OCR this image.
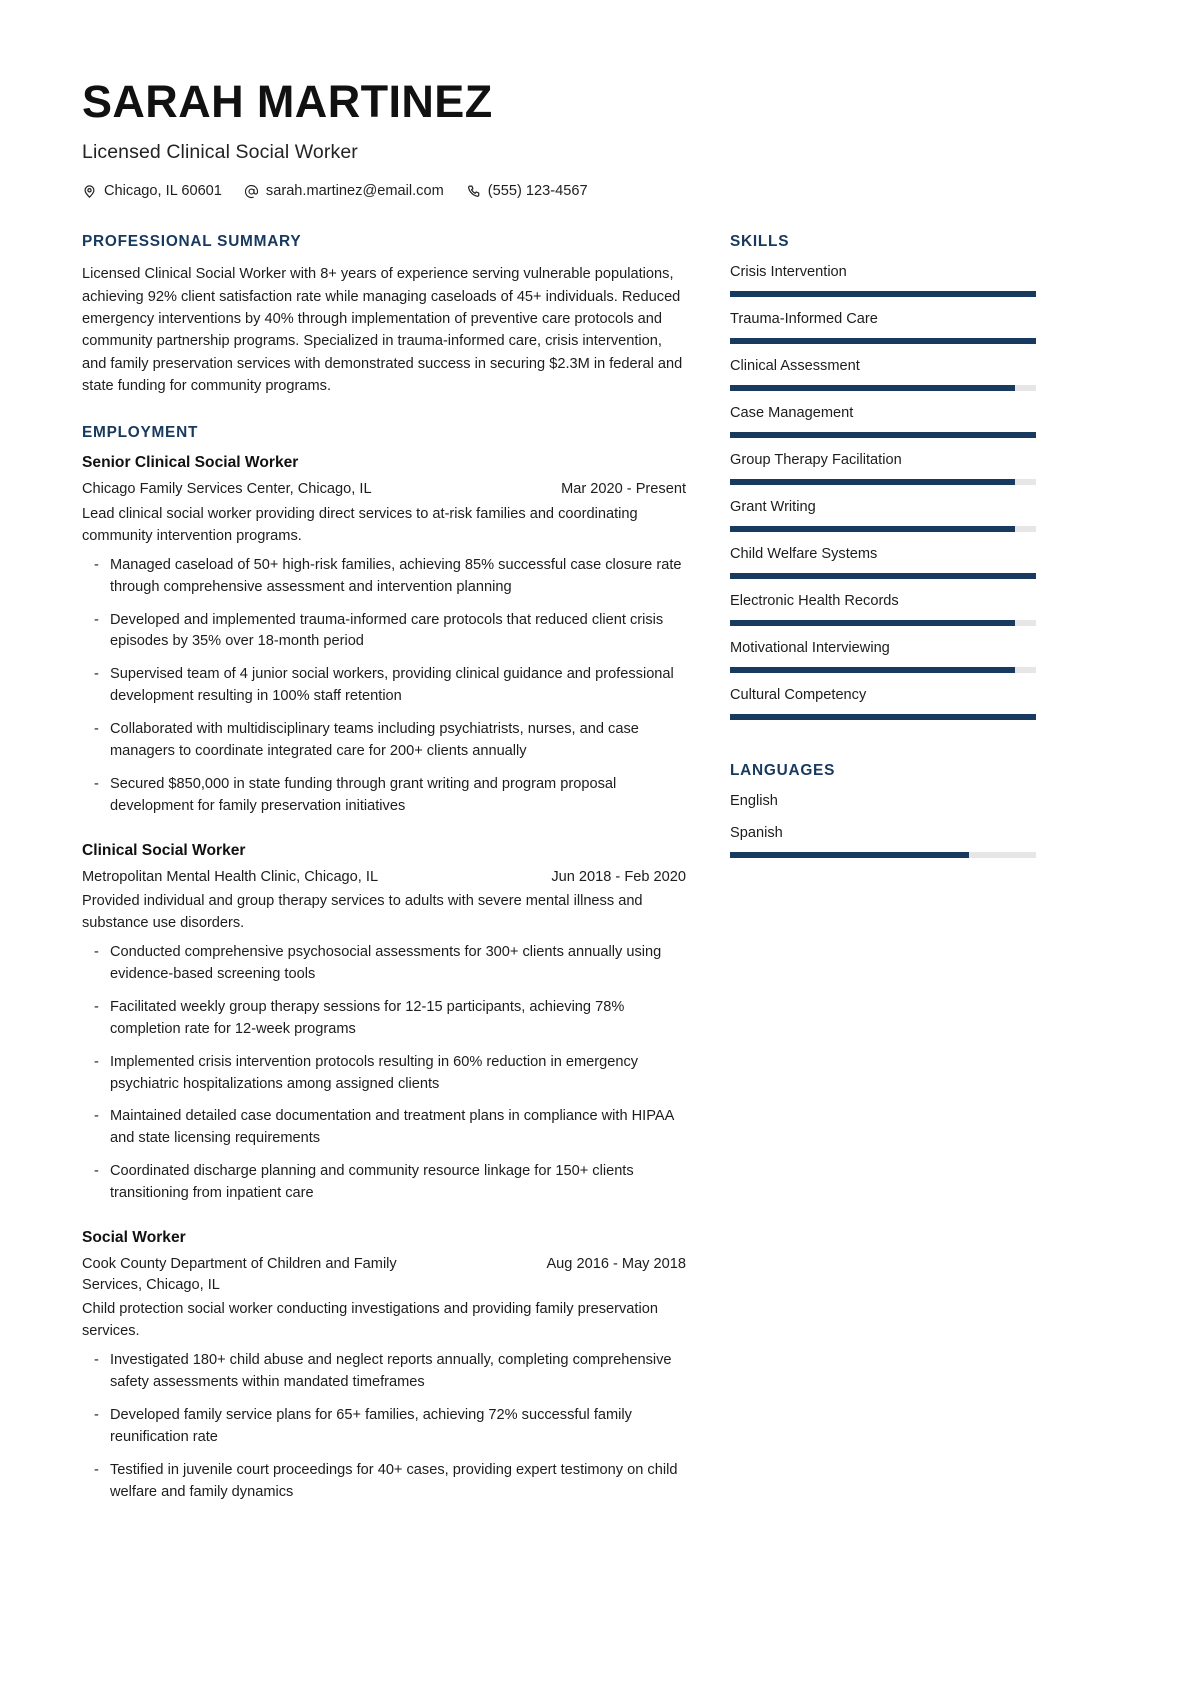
SARAH MARTINEZ
Licensed Clinical Social Worker
Chicago, IL 60601	sarah.martinez@email.com	(555) 123-4567
PROFESSIONAL SUMMARY
Licensed Clinical Social Worker with 8+ years of experience serving vulnerable populations, achieving 92% client satisfaction rate while managing caseloads of 45+ individuals. Reduced emergency interventions by 40% through implementation of preventive care protocols and community partnership programs. Specialized in trauma-informed care, crisis intervention, and family preservation services with demonstrated success in securing $2.3M in federal and state funding for community programs.
EMPLOYMENT
Senior Clinical Social Worker
Chicago Family Services Center, Chicago, IL	Mar 2020 - Present
Lead clinical social worker providing direct services to at-risk families and coordinating community intervention programs.
- Managed caseload of 50+ high-risk families, achieving 85% successful case closure rate through comprehensive assessment and intervention planning
- Developed and implemented trauma-informed care protocols that reduced client crisis episodes by 35% over 18-month period
- Supervised team of 4 junior social workers, providing clinical guidance and professional development resulting in 100% staff retention
- Collaborated with multidisciplinary teams including psychiatrists, nurses, and case managers to coordinate integrated care for 200+ clients annually
- Secured $850,000 in state funding through grant writing and program proposal development for family preservation initiatives
Clinical Social Worker
Metropolitan Mental Health Clinic, Chicago, IL	Jun 2018 - Feb 2020
Provided individual and group therapy services to adults with severe mental illness and substance use disorders.
- Conducted comprehensive psychosocial assessments for 300+ clients annually using evidence-based screening tools
- Facilitated weekly group therapy sessions for 12-15 participants, achieving 78% completion rate for 12-week programs
- Implemented crisis intervention protocols resulting in 60% reduction in emergency psychiatric hospitalizations among assigned clients
- Maintained detailed case documentation and treatment plans in compliance with HIPAA and state licensing requirements
- Coordinated discharge planning and community resource linkage for 150+ clients transitioning from inpatient care
Social Worker
Cook County Department of Children and Family Services, Chicago, IL
Aug 2016 - May 2018
Child protection social worker conducting investigations and providing family preservation services.
- Investigated 180+ child abuse and neglect reports annually, completing comprehensive safety assessments within mandated timeframes
- Developed family service plans for 65+ families, achieving 72% successful family reunification rate
- Testified in juvenile court proceedings for 40+ cases, providing expert testimony on child welfare and family dynamics
SKILLS
Crisis Intervention
Trauma-Informed Care
Clinical Assessment
Case Management
Group Therapy Facilitation
Grant Writing
Child Welfare Systems
Electronic Health Records
Motivational Interviewing
Cultural Competency
LANGUAGES
English
Spanish
